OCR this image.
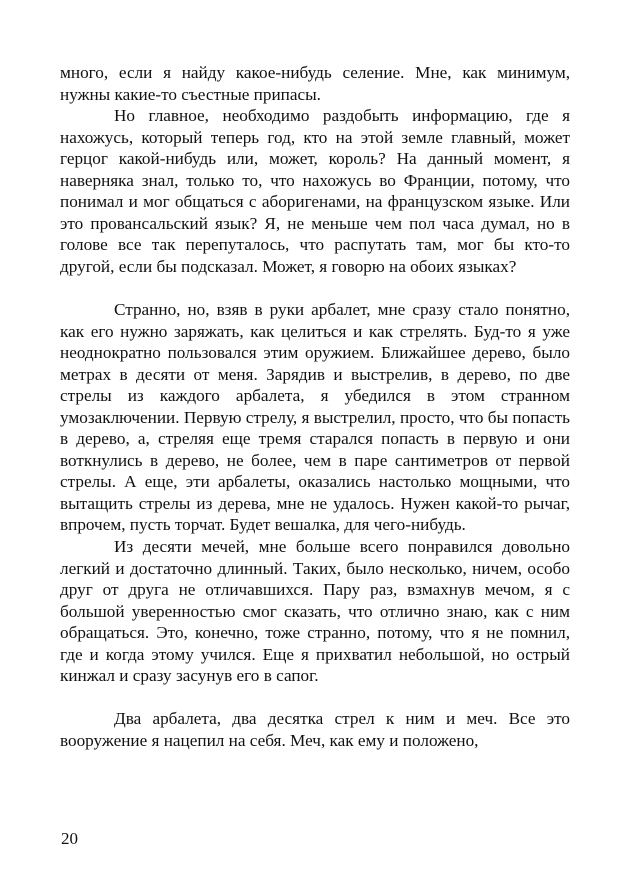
много, если я найду какое-нибудь селение. Мне, как минимум, нужны какие-то съестные припасы.

Но главное, необходимо раздобыть информацию, где я нахожусь, который теперь год, кто на этой земле главный, может герцог какой-нибудь или, может, король? На данный момент, я наверняка знал, только то, что нахожусь во Франции, потому, что понимал и мог общаться с аборигенами, на французском языке. Или это провансальский язык? Я, не меньше чем пол часа думал, но в голове все так перепуталось, что распутать там, мог бы кто-то другой, если бы подсказал. Может, я говорю на обоих языках?

Странно, но, взяв в руки арбалет, мне сразу стало понятно, как его нужно заряжать, как целиться и как стрелять. Буд-то я уже неоднократно пользовался этим оружием. Ближайшее дерево, было метрах в десяти от меня. Зарядив и выстрелив, в дерево, по две стрелы из каждого арбалета, я убедился в этом странном умозаключении. Первую стрелу, я выстрелил, просто, что бы попасть в дерево, а, стреляя еще тремя старался попасть в первую и они воткнулись в дерево, не более, чем в паре сантиметров от первой стрелы. А еще, эти арбалеты, оказались настолько мощными, что вытащить стрелы из дерева, мне не удалось. Нужен какой-то рычаг, впрочем, пусть торчат. Будет вешалка, для чего-нибудь.

Из десяти мечей, мне больше всего понравился довольно легкий и достаточно длинный. Таких, было несколько, ничем, особо друг от друга не отличавшихся. Пару раз, взмахнув мечом, я с большой уверенностью смог сказать, что отлично знаю, как с ним обращаться. Это, конечно, тоже странно, потому, что я не помнил, где и когда этому учился. Еще я прихватил небольшой, но острый кинжал и сразу засунув его в сапог.

Два арбалета, два десятка стрел к ним и меч. Все это вооружение я нацепил на себя. Меч, как ему и положено,

20
